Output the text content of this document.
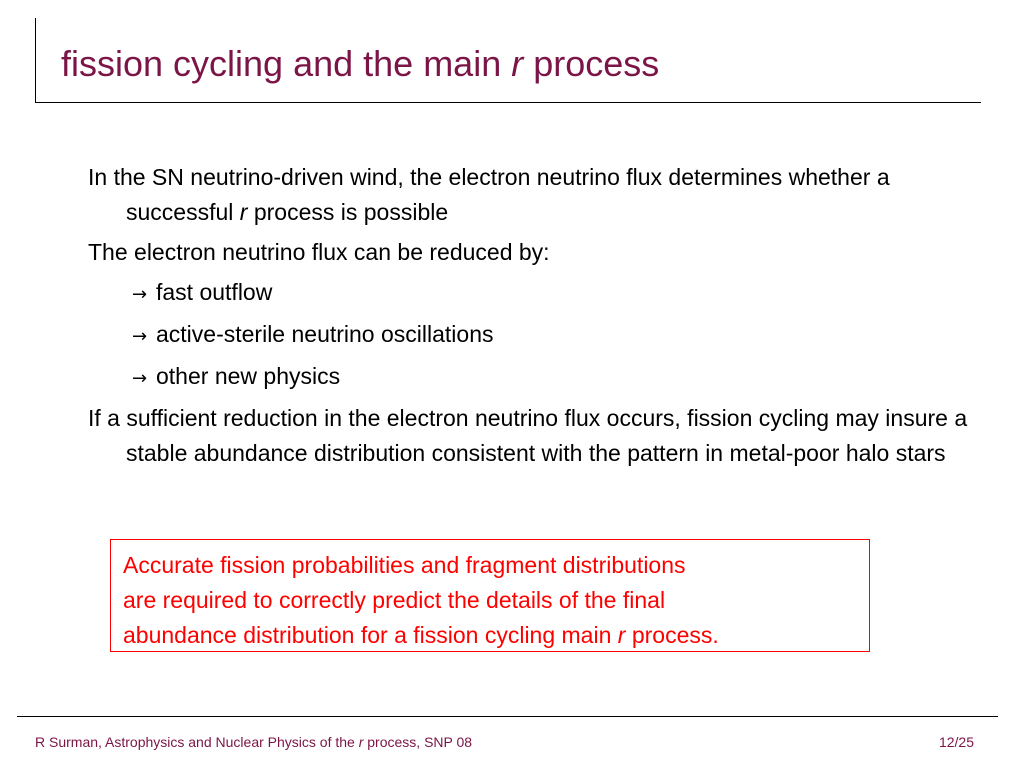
fission cycling and the main r process

In the SN neutrino-driven wind, the electron neutrino flux determines whether a successful r process is possible

The electron neutrino flux can be reduced by:

→ fast outflow

→ active-sterile neutrino oscillations

→ other new physics

If a sufficient reduction in the electron neutrino flux occurs, fission cycling may insure a stable abundance distribution consistent with the pattern in metal-poor halo stars

Accurate fission probabilities and fragment distributions
are required to correctly predict the details of the final
abundance distribution for a fission cycling main r process.
R Surman, Astrophysics and Nuclear Physics of the r process, SNP 08	12/25
